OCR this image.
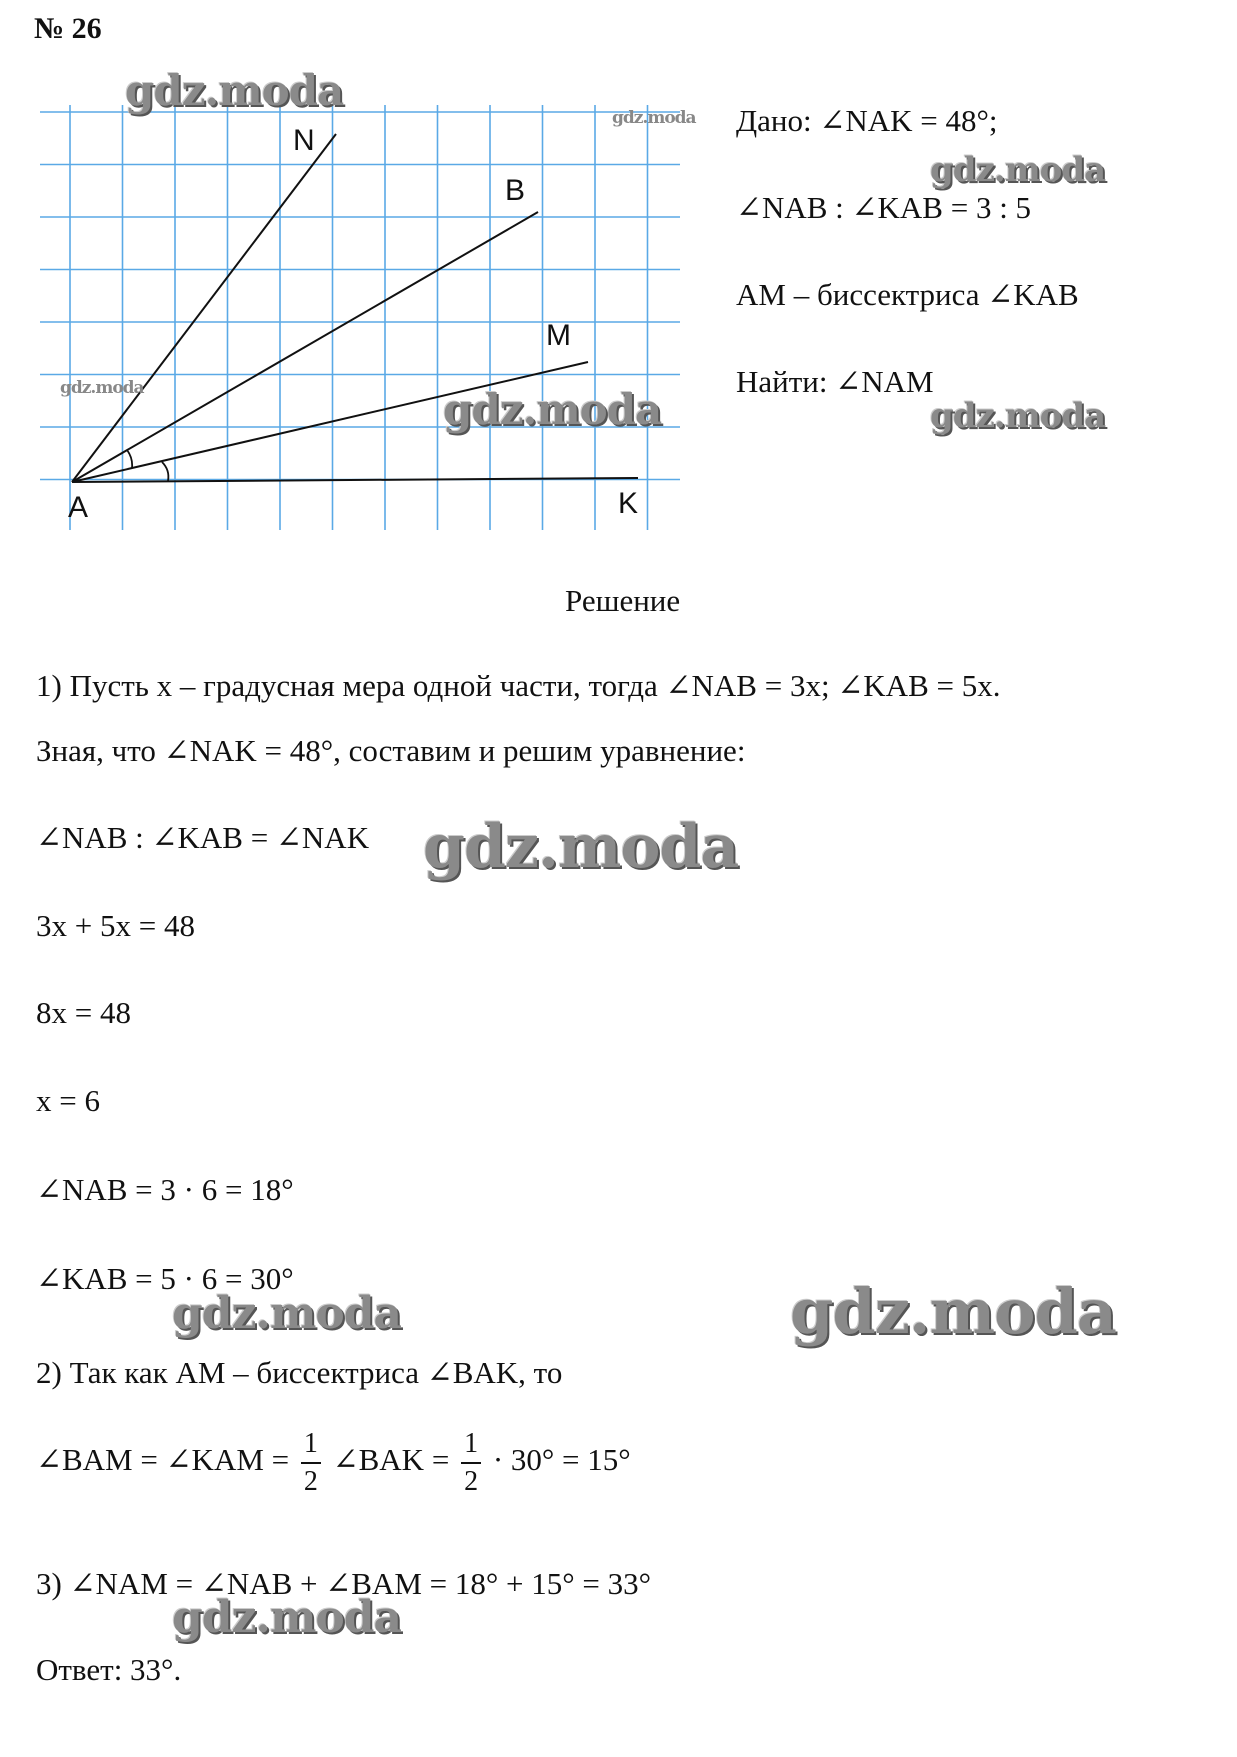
№ 26
N
B
M
A	K
Дано: ∠NAK = 48°;
∠NAB : ∠KAB = 3 : 5
AM – биссектриса ∠KAB
Найти: ∠NAM
Решение
1) Пусть x – градусная мера одной части, тогда ∠NAB = 3x; ∠KAB = 5x.
Зная, что ∠NAK = 48°, составим и решим уравнение:
∠NAB : ∠KAB = ∠NAK
3x + 5x = 48
8x = 48
x = 6
∠NAB = 3 · 6 = 18°
∠KAB = 5 · 6 = 30°
2) Так как AM – биссектриса ∠BAK, то
∠BAM = ∠KAM = $\frac{1}{2}$ ∠BAK = $\frac{1}{2} \cdot 30^\circ = 15^\circ$
3) ∠NAM = ∠NAB + ∠BAM = 18° + 15° = 33°
Ответ: 33°.
gdz.moda
gdz.moda
gdz.moda	gdz.moda
gdz.moda
gdz.moda
gdz.moda
gdz.moda	gdz.moda
gdz.moda
